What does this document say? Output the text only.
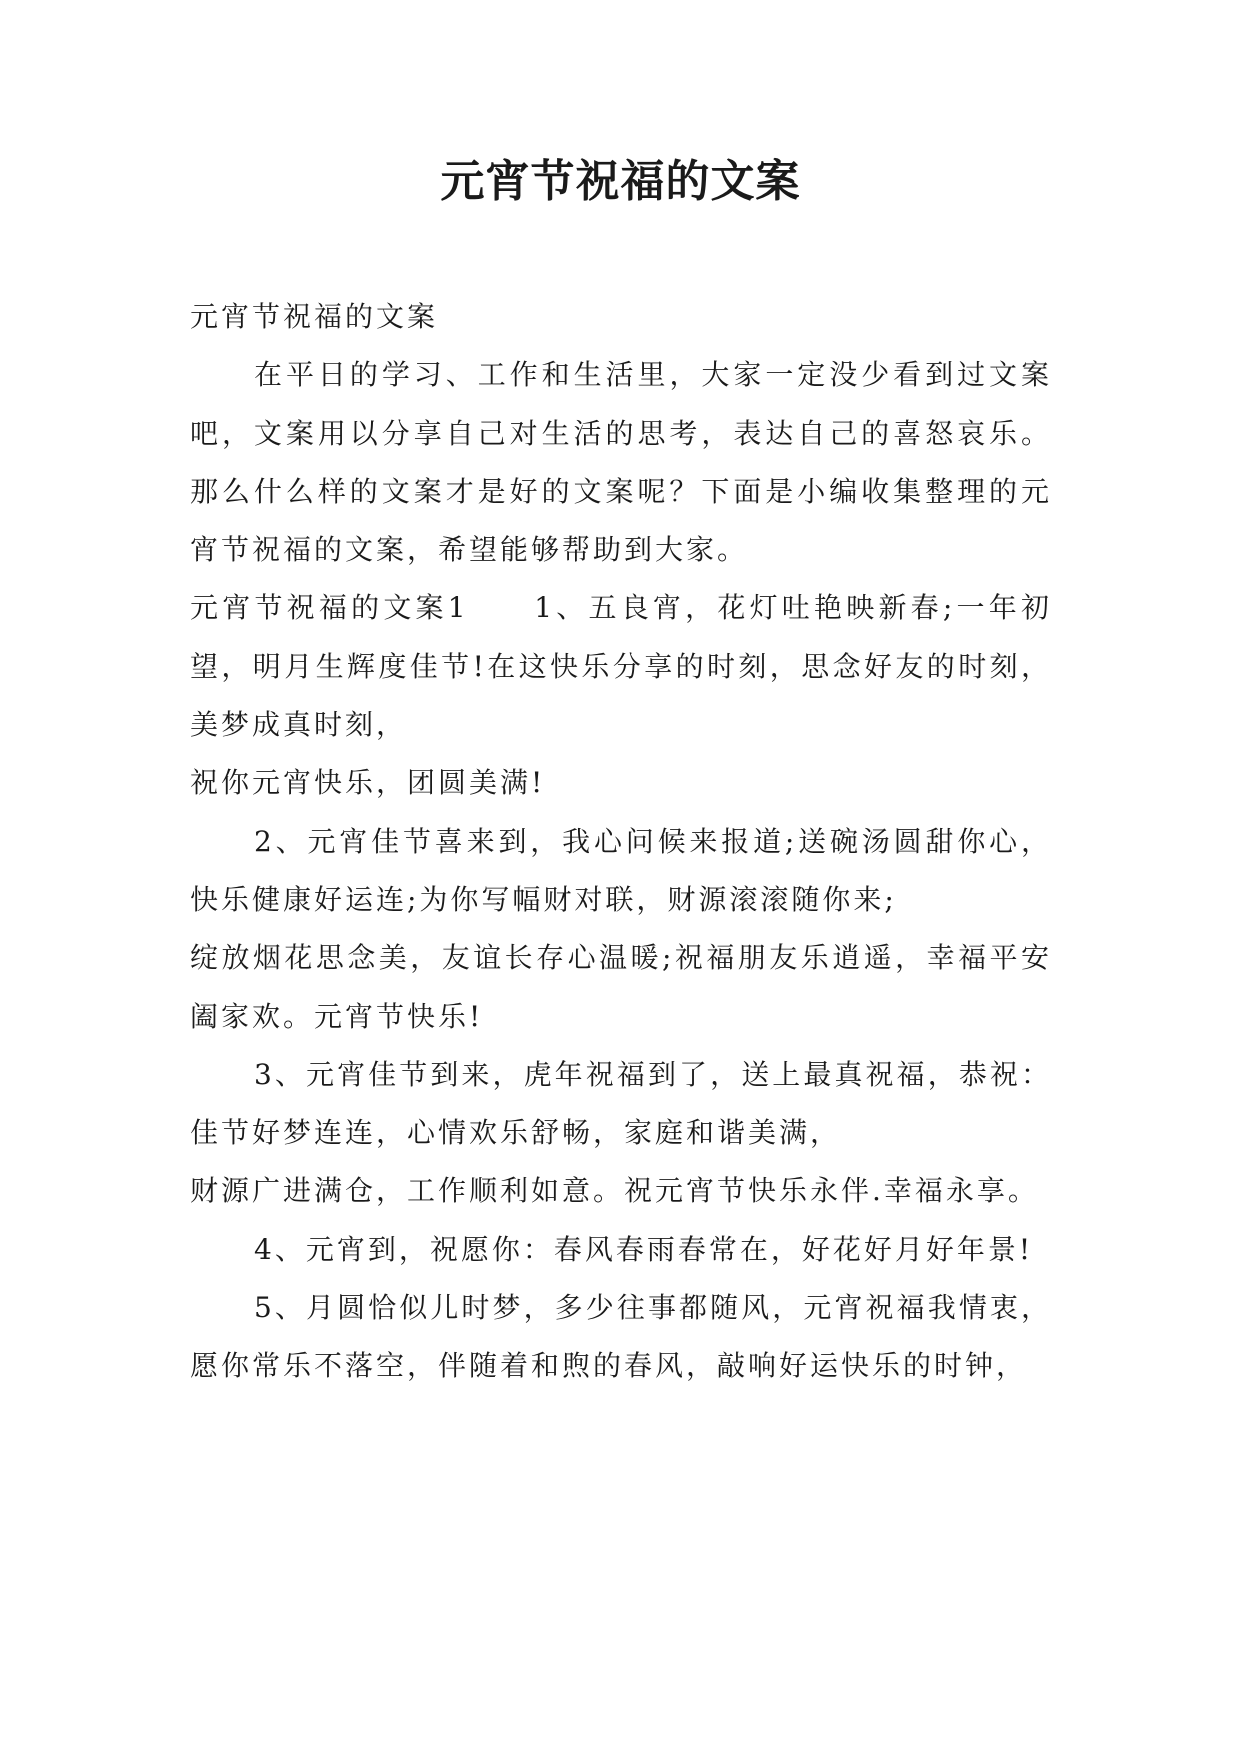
元宵节祝福的文案

元宵节祝福的文案

在平日的学习、工作和生活里，大家一定没少看到过文案吧，文案用以分享自己对生活的思考，表达自己的喜怒哀乐。那么什么样的文案才是好的文案呢？下面是小编收集整理的元宵节祝福的文案，希望能够帮助到大家。

元宵节祝福的文案1　　1、五良宵，花灯吐艳映新春;一年初望，明月生辉度佳节!在这快乐分享的时刻，思念好友的时刻，美梦成真时刻，

祝你元宵快乐，团圆美满!

2、元宵佳节喜来到，我心问候来报道;送碗汤圆甜你心，快乐健康好运连;为你写幅财对联，财源滚滚随你来;

绽放烟花思念美，友谊长存心温暖;祝福朋友乐逍遥，幸福平安阖家欢。元宵节快乐!

3、元宵佳节到来，虎年祝福到了，送上最真祝福，恭祝：佳节好梦连连，心情欢乐舒畅，家庭和谐美满，

财源广进满仓，工作顺利如意。祝元宵节快乐永伴.幸福永享。

4、元宵到，祝愿你：春风春雨春常在，好花好月好年景!

5、月圆恰似儿时梦，多少往事都随风，元宵祝福我情衷，愿你常乐不落空，伴随着和煦的春风，敲响好运快乐的时钟，
